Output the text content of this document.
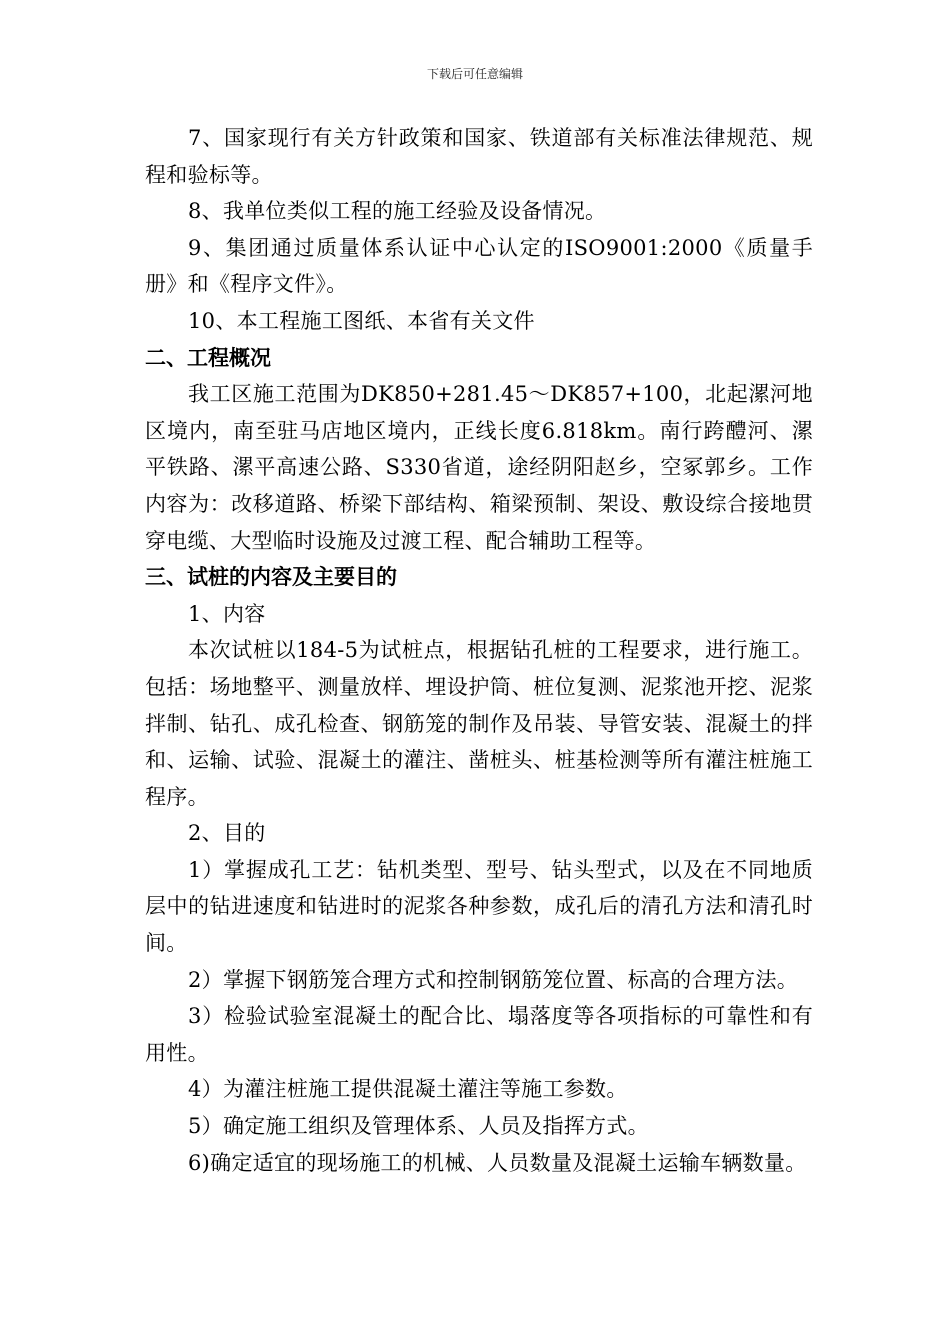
下载后可任意编辑

7、国家现行有关方针政策和国家、铁道部有关标准法律规范、规程和验标等。

8、我单位类似工程的施工经验及设备情况。

9、集团通过质量体系认证中心认定的ISO9001:2000《质量手册》和《程序文件》。

10、本工程施工图纸、本省有关文件

二、工程概况

我工区施工范围为DK850+281.45～DK857+100，北起漯河地区境内，南至驻马店地区境内，正线长度6.818km。南行跨醴河、漯平铁路、漯平高速公路、S330省道，途经阴阳赵乡，空冢郭乡。工作内容为：改移道路、桥梁下部结构、箱梁预制、架设、敷设综合接地贯穿电缆、大型临时设施及过渡工程、配合辅助工程等。

三、试桩的内容及主要目的

1、内容

本次试桩以184-5为试桩点，根据钻孔桩的工程要求，进行施工。包括：场地整平、测量放样、埋设护筒、桩位复测、泥浆池开挖、泥浆拌制、钻孔、成孔检查、钢筋笼的制作及吊装、导管安装、混凝土的拌和、运输、试验、混凝土的灌注、凿桩头、桩基检测等所有灌注桩施工程序。

2、目的

1）掌握成孔工艺：钻机类型、型号、钻头型式，以及在不同地质层中的钻进速度和钻进时的泥浆各种参数，成孔后的清孔方法和清孔时间。

2）掌握下钢筋笼合理方式和控制钢筋笼位置、标高的合理方法。

3）检验试验室混凝土的配合比、塌落度等各项指标的可靠性和有用性。

4）为灌注桩施工提供混凝土灌注等施工参数。

5）确定施工组织及管理体系、人员及指挥方式。

6)确定适宜的现场施工的机械、人员数量及混凝土运输车辆数量。
